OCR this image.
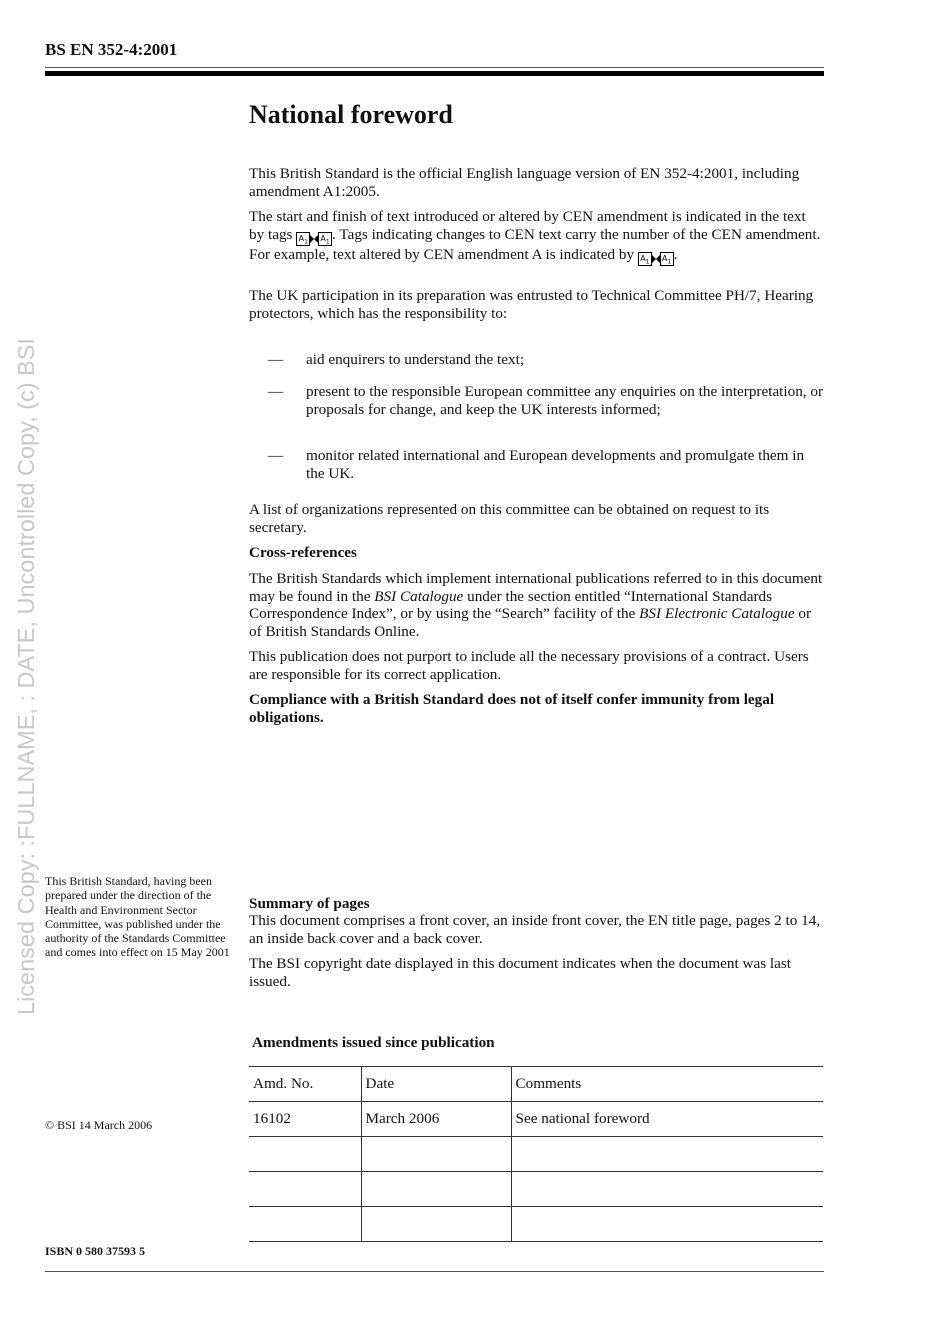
BS EN 352-4:2001
National foreword

This British Standard is the official English language version of EN 352-4:2001, including amendment A1:2005.

The start and finish of text introduced or altered by CEN amendment is indicated in the text by tags $A_1$ $A_1$ . Tags indicating changes to CEN text carry the number of the CEN amendment. For example, text altered by CEN amendment A is indicated by $A_1$ $A_1$ .

The UK participation in its preparation was entrusted to Technical Committee PH/7, Hearing protectors, which has the responsibility to:

— aid enquirers to understand the text;
— present to the responsible European committee any enquiries on the interpretation, or proposals for change, and keep the UK interests informed;
— monitor related international and European developments and promulgate them in the UK.

A list of organizations represented on this committee can be obtained on request to its secretary.

Cross-references

The British Standards which implement international publications referred to in this document may be found in the BSI Catalogue under the section entitled “International Standards Correspondence Index”, or by using the “Search” facility of the BSI Electronic Catalogue or of British Standards Online.

This publication does not purport to include all the necessary provisions of a contract. Users are responsible for its correct application.

Compliance with a British Standard does not of itself confer immunity from legal obligations.

This British Standard, having been prepared under the direction of the Health and Environment Sector Committee, was published under the authority of the Standards Committee and comes into effect on 15 May 2001
Summary of pages

This document comprises a front cover, an inside front cover, the EN title page, pages 2 to 14, an inside back cover and a back cover.

The BSI copyright date displayed in this document indicates when the document was last issued.

Amendments issued since publication
Amd. No.	Date	Comments
16102	March 2006	See national foreword

© BSI 14 March 2006
ISBN 0 580 37593 5
Licensed Copy: :FULLNAME, : DATE, Uncontrolled Copy, (c) BSI
